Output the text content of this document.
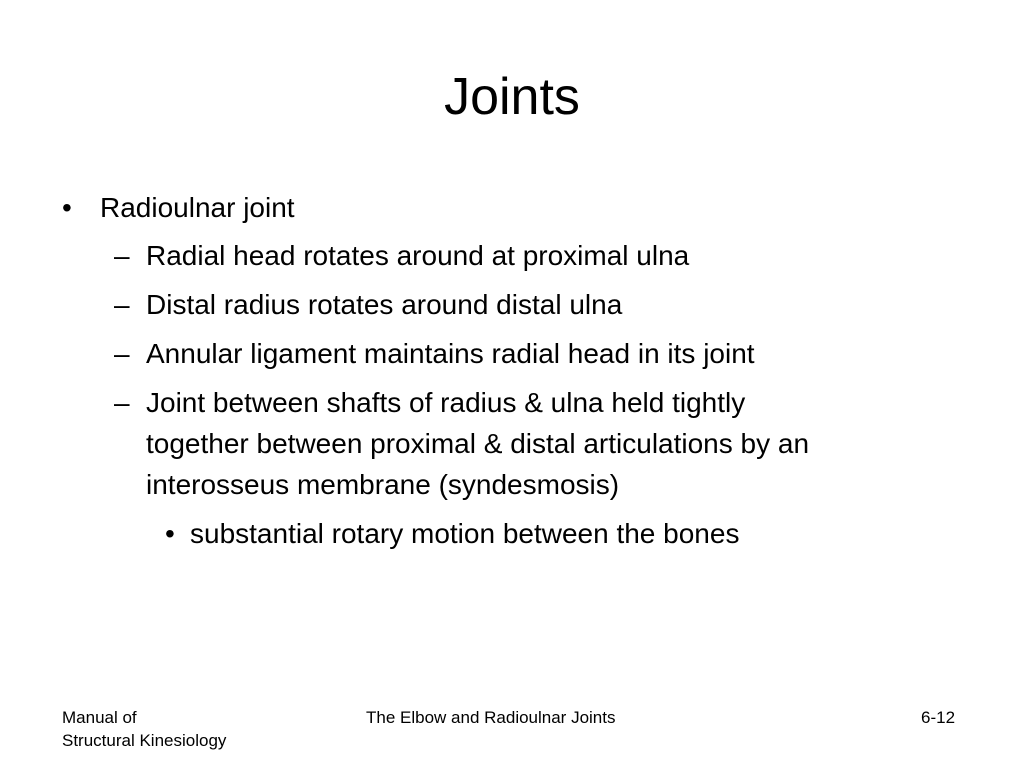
Joints
• Radioulnar joint
– Radial head rotates around at proximal ulna
– Distal radius rotates around distal ulna
– Annular ligament maintains radial head in its joint
– Joint between shafts of radius & ulna held tightly
together between proximal & distal articulations by an
interosseus membrane (syndesmosis)
• substantial rotary motion between the bones
Manual of
Structural Kinesiology
The Elbow and Radioulnar Joints	6-12
